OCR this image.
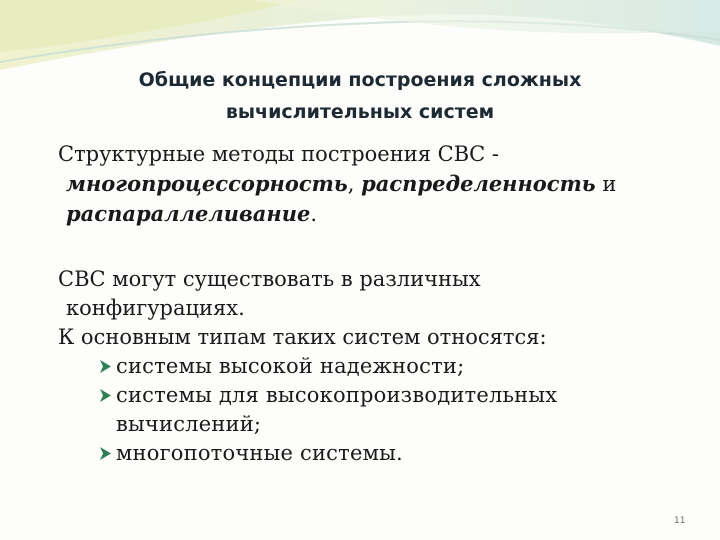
Общие концепции построения сложных
вычислительных систем
Структурные методы построения СВС -
многопроцессорность, распределенность и
распараллеливание.
СВС могут существовать в различных
конфигурациях.
К основным типам таких систем относятся:
системы высокой надежности;
системы для высокопроизводительных
вычислений;
многопоточные системы.
11
